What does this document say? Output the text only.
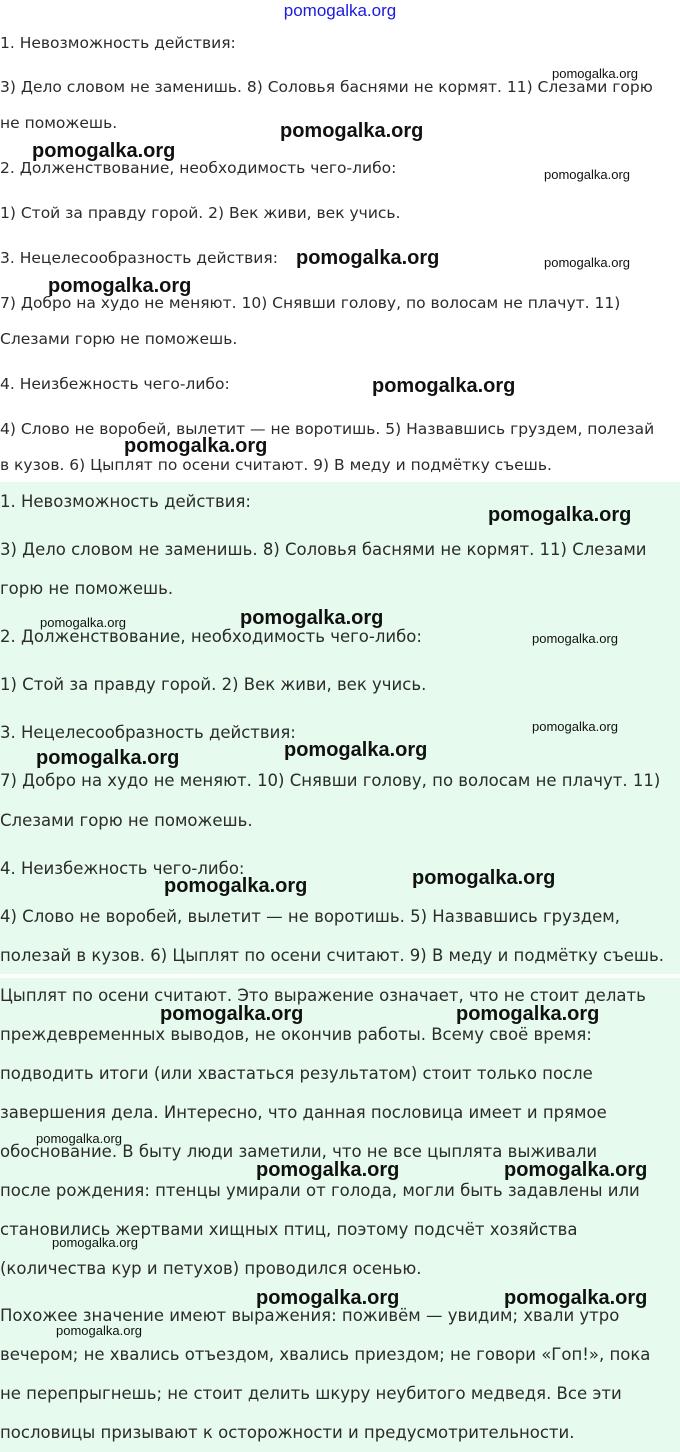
pomogalka.org
1. Невозможность действия:
3) Дело словом не заменишь. 8) Соловья баснями не кормят. 11) Слезами горю
не поможешь.
2. Долженствование, необходимость чего-либо:
1) Стой за правду горой. 2) Век живи, век учись.
3. Нецелесообразность действия:
7) Добро на худо не меняют. 10) Снявши голову, по волосам не плачут. 11)
Слезами горю не поможешь.
4. Неизбежность чего-либо:
4) Слово не воробей, вылетит — не воротишь. 5) Назвавшись груздем, полезай
в кузов. 6) Цыплят по осени считают. 9) В меду и подмётку съешь.
1. Невозможность действия:
3) Дело словом не заменишь. 8) Соловья баснями не кормят. 11) Слезами
горю не поможешь.
2. Долженствование, необходимость чего-либо:
1) Стой за правду горой. 2) Век живи, век учись.
3. Нецелесообразность действия:
7) Добро на худо не меняют. 10) Снявши голову, по волосам не плачут. 11)
Слезами горю не поможешь.
4. Неизбежность чего-либо:
4) Слово не воробей, вылетит — не воротишь. 5) Назвавшись груздем,
полезай в кузов. 6) Цыплят по осени считают. 9) В меду и подмётку съешь.
Цыплят по осени считают. Это выражение означает, что не стоит делать
преждевременных выводов, не окончив работы. Всему своё время:
подводить итоги (или хвастаться результатом) стоит только после
завершения дела. Интересно, что данная пословица имеет и прямое
обоснование. В быту люди заметили, что не все цыплята выживали
после рождения: птенцы умирали от голода, могли быть задавлены или
становились жертвами хищных птиц, поэтому подсчёт хозяйства
(количества кур и петухов) проводился осенью.
Похожее значение имеют выражения: поживём — увидим; хвали утро
вечером; не хвались отъездом, хвались приездом; не говори «Гоп!», пока
не перепрыгнешь; не стоит делить шкуру неубитого медведя. Все эти
пословицы призывают к осторожности и предусмотрительности.
pomogalka.org
pomogalka.org
pomogalka.org
pomogalka.org
pomogalka.org	pomogalka.org
pomogalka.org
pomogalka.org
pomogalka.org
pomogalka.org
pomogalka.org
pomogalka.org
pomogalka.org
pomogalka.org
pomogalka.org
pomogalka.org
pomogalka.org
pomogalka.org
pomogalka.org	pomogalka.org
pomogalka.org
pomogalka.org	pomogalka.org
pomogalka.org
pomogalka.org	pomogalka.org
pomogalka.org
